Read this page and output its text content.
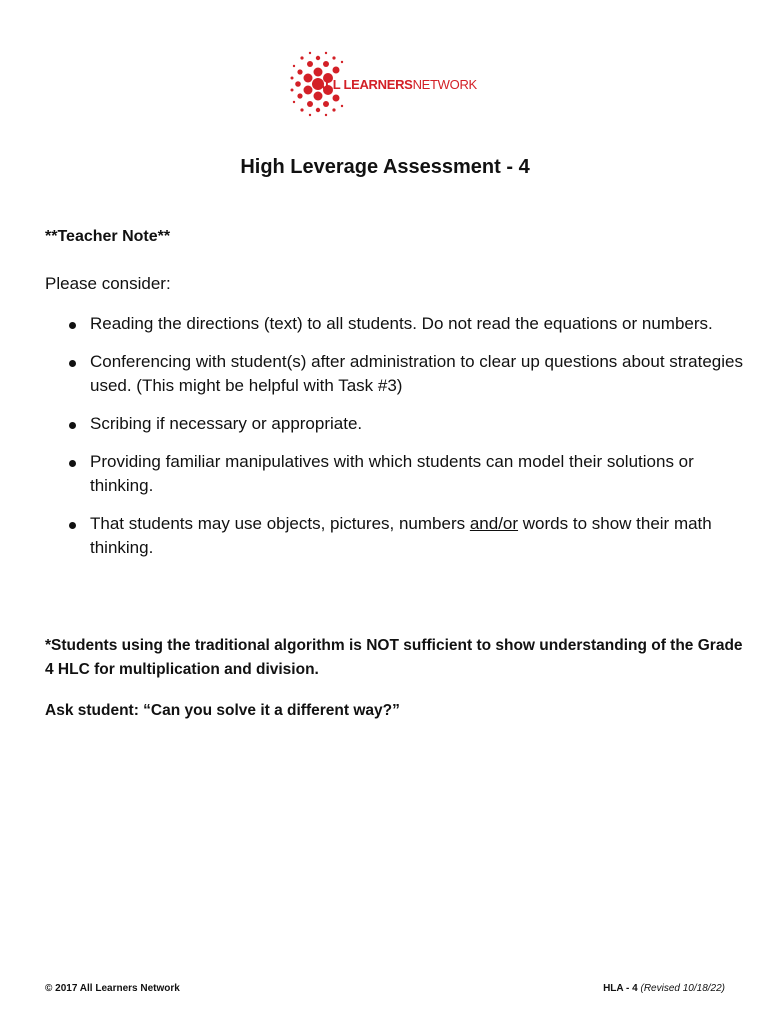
ALL LEARNERSNETWORK
High Leverage Assessment - 4
**Teacher Note**
Please consider:
Reading the directions (text) to all students. Do not read the equations or numbers.
Conferencing with student(s) after administration to clear up questions about strategies used. (This might be helpful with Task #3)
Scribing if necessary or appropriate.
Providing familiar manipulatives with which students can model their solutions or thinking.
That students may use objects, pictures, numbers and/or words to show their math thinking.
*Students using the traditional algorithm is NOT sufficient to show understanding of the Grade 4 HLC for multiplication and division.
Ask student: “Can you solve it a different way?”
© 2017 All Learners Network	HLA - 4 (Revised 10/18/22)
